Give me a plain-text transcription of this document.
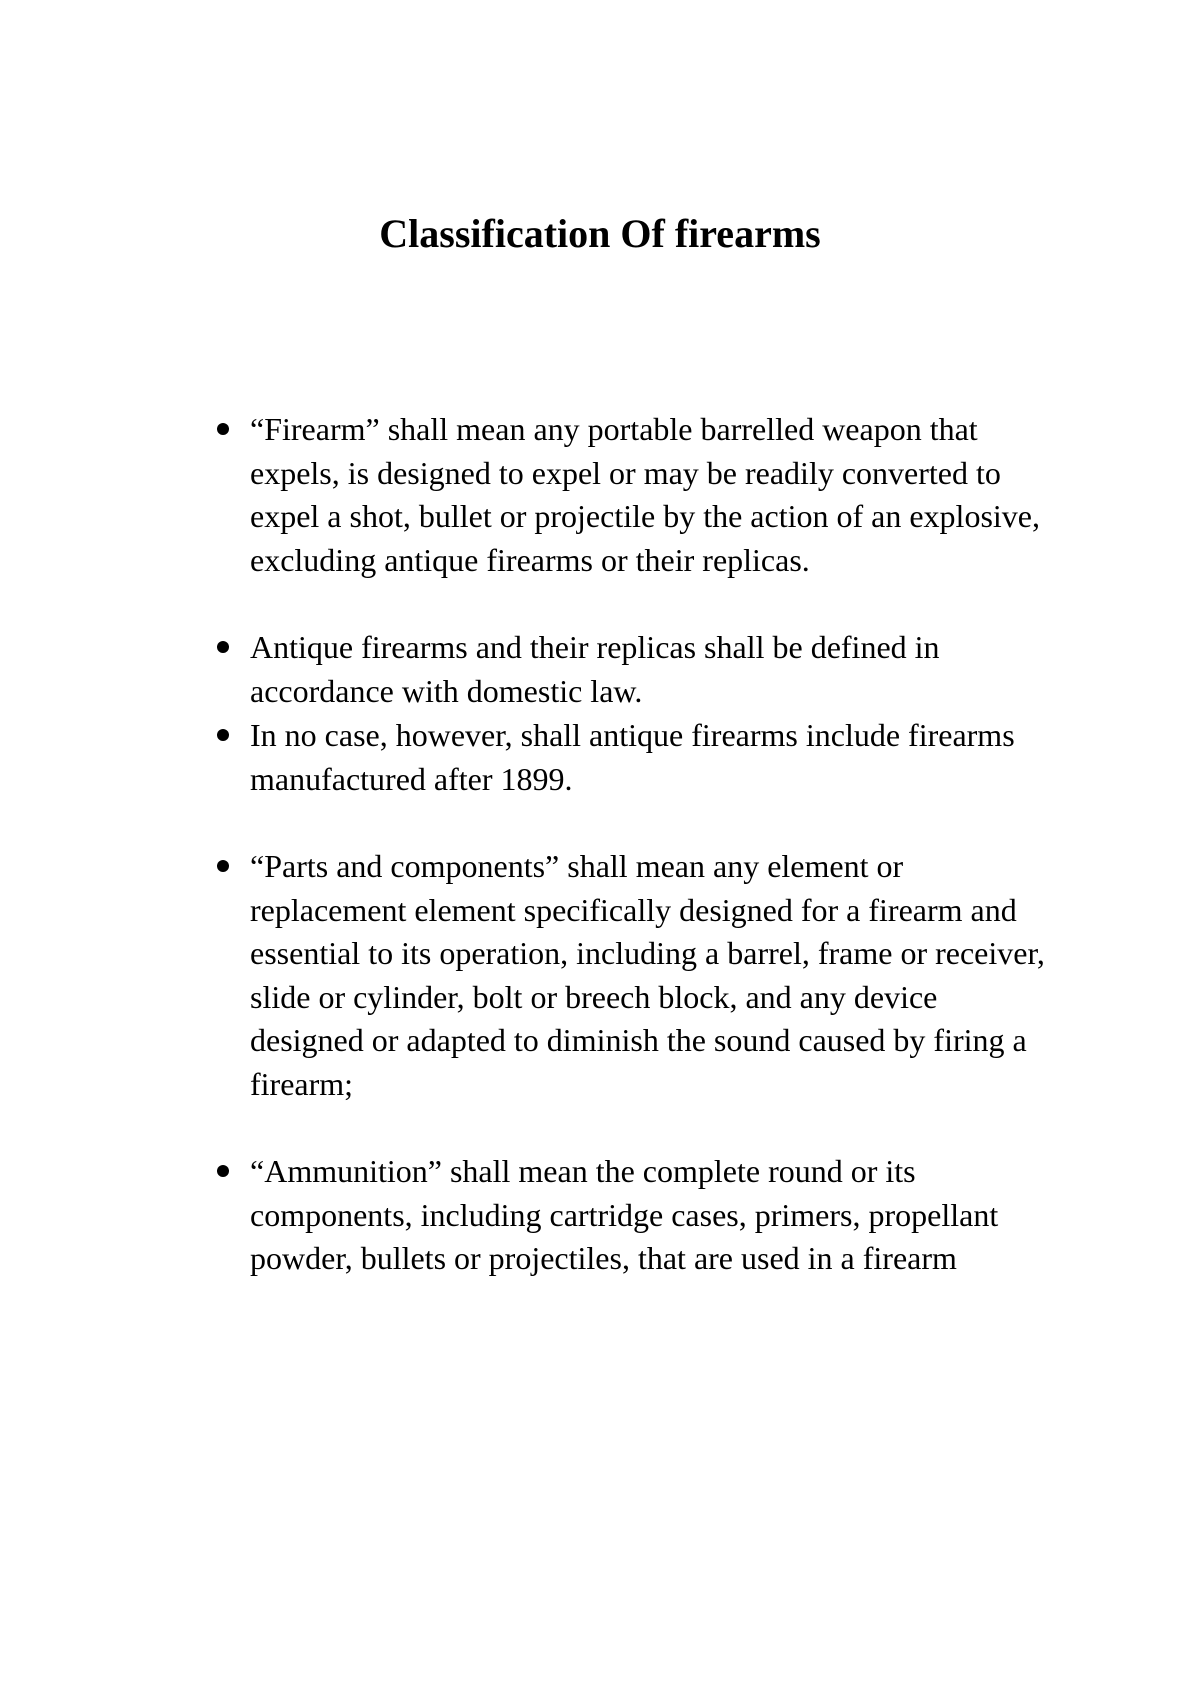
Classification Of firearms
“Firearm” shall mean any portable barrelled weapon that expels, is designed to expel or may be readily converted to expel a shot, bullet or projectile by the action of an explosive, excluding antique firearms or their replicas.
Antique firearms and their replicas shall be defined in accordance with domestic law.
In no case, however, shall antique firearms include firearms manufactured after 1899.
“Parts and components” shall mean any element or replacement element specifically designed for a firearm and essential to its operation, including a barrel, frame or receiver, slide or cylinder, bolt or breech block, and any device designed or adapted to diminish the sound caused by firing a firearm;
“Ammunition” shall mean the complete round or its components, including cartridge cases, primers, propellant powder, bullets or projectiles, that are used in a firearm
